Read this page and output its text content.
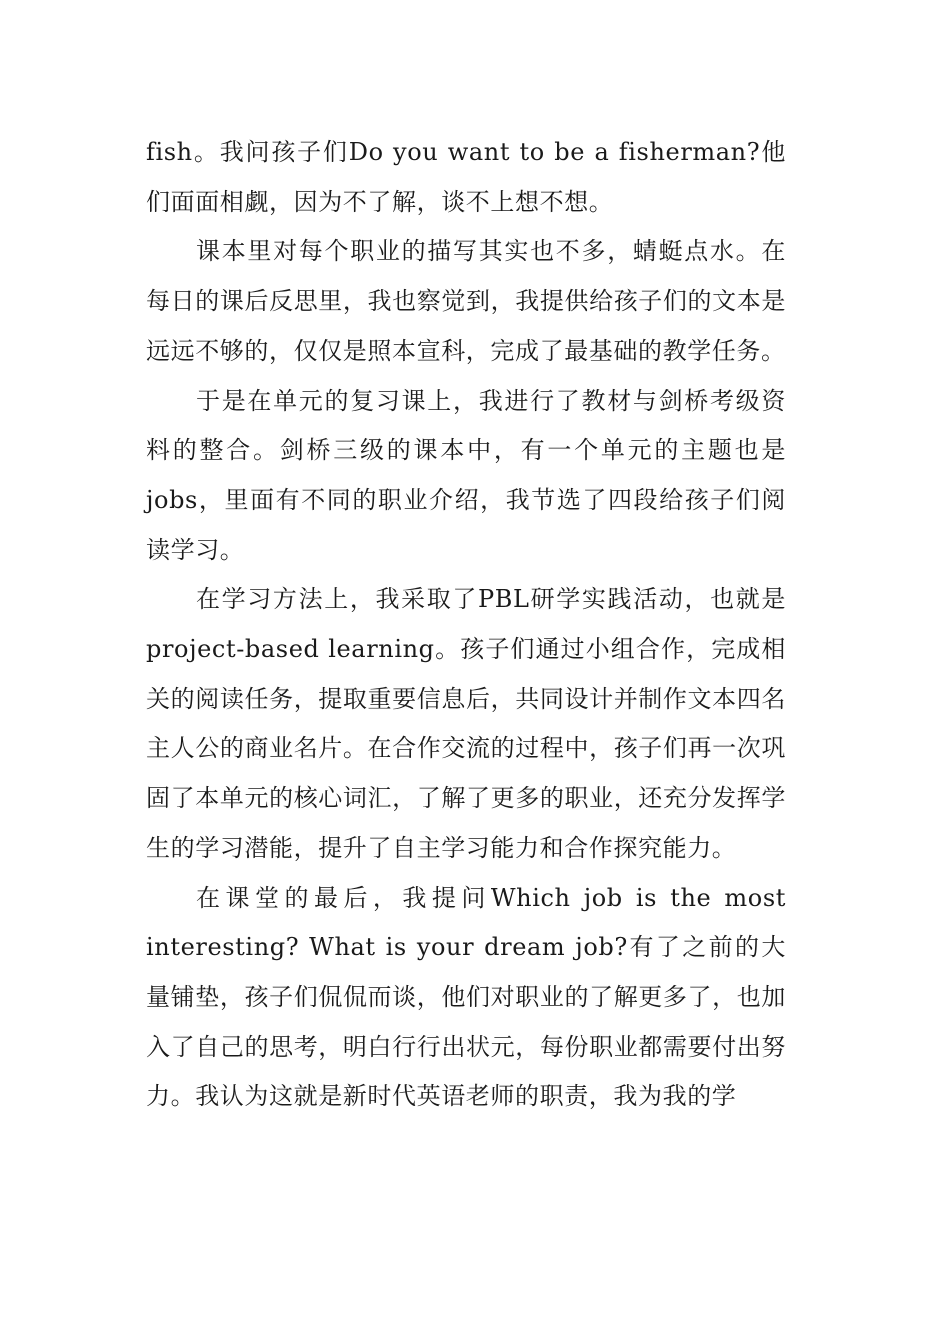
fish。我问孩子们Do you want to be a fisherman?他们面面相觑，因为不了解，谈不上想不想。

课本里对每个职业的描写其实也不多，蜻蜓点水。在每日的课后反思里，我也察觉到，我提供给孩子们的文本是远远不够的，仅仅是照本宣科，完成了最基础的教学任务。

于是在单元的复习课上，我进行了教材与剑桥考级资料的整合。剑桥三级的课本中，有一个单元的主题也是jobs，里面有不同的职业介绍，我节选了四段给孩子们阅读学习。

在学习方法上，我采取了PBL研学实践活动，也就是project-based learning。孩子们通过小组合作，完成相关的阅读任务，提取重要信息后，共同设计并制作文本四名主人公的商业名片。在合作交流的过程中，孩子们再一次巩固了本单元的核心词汇，了解了更多的职业，还充分发挥学生的学习潜能，提升了自主学习能力和合作探究能力。

在课堂的最后，我提问Which job is the most interesting? What is your dream job?有了之前的大量铺垫，孩子们侃侃而谈，他们对职业的了解更多了，也加入了自己的思考，明白行行出状元，每份职业都需要付出努力。我认为这就是新时代英语老师的职责，我为我的学
